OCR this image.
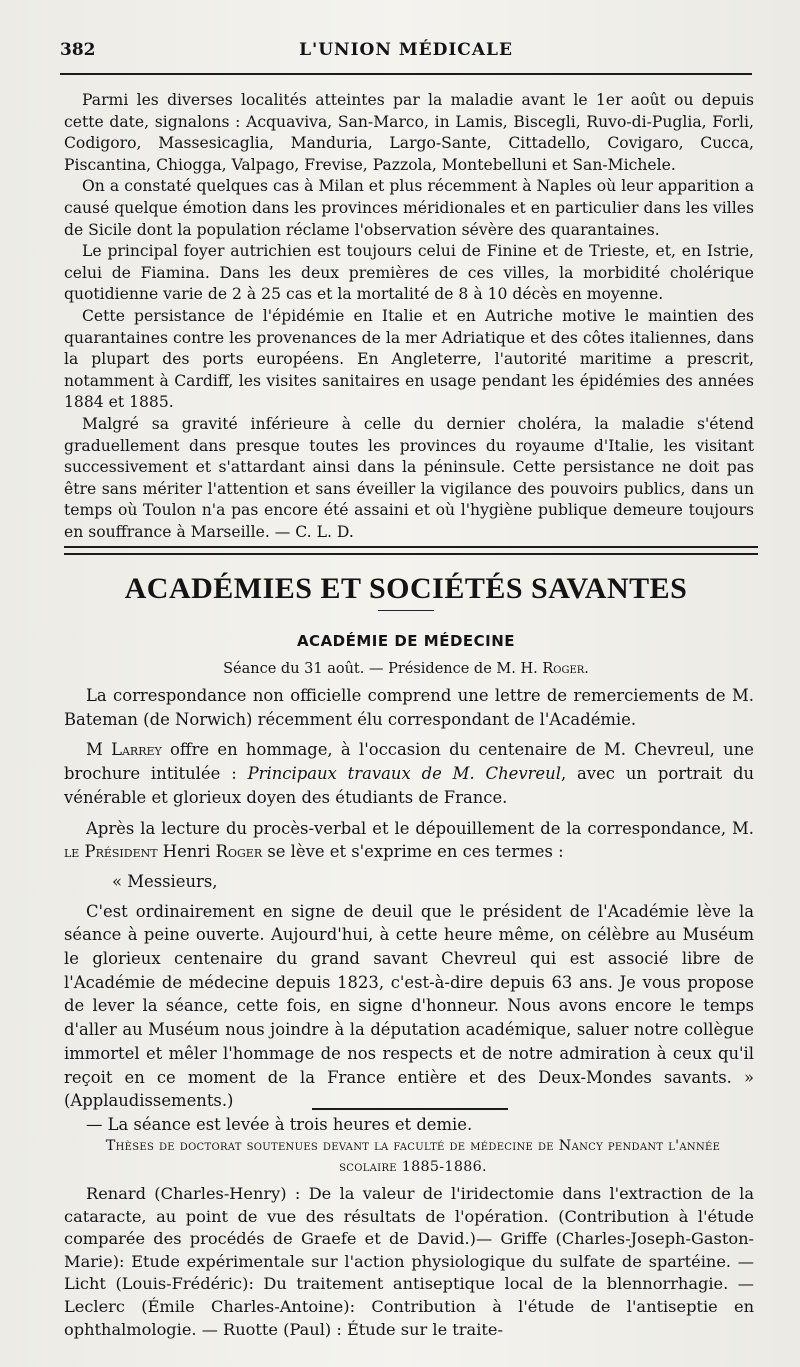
382	L'UNION MÉDICALE

Parmi les diverses localités atteintes par la maladie avant le 1er août ou depuis cette date, signalons : Acquaviva, San-Marco, in Lamis, Biscegli, Ruvo-di-Puglia, Forli, Codigoro, Massesicaglia, Manduria, Largo-Sante, Cittadello, Covigaro, Cucca, Piscantina, Chiogga, Valpago, Frevise, Pazzola, Montebelluni et San-Michele.

On a constaté quelques cas à Milan et plus récemment à Naples où leur apparition a causé quelque émotion dans les provinces méridionales et en particulier dans les villes de Sicile dont la population réclame l'observation sévère des quarantaines.

Le principal foyer autrichien est toujours celui de Finine et de Trieste, et, en Istrie, celui de Fiamina. Dans les deux premières de ces villes, la morbidité cholérique quotidienne varie de 2 à 25 cas et la mortalité de 8 à 10 décès en moyenne.

Cette persistance de l'épidémie en Italie et en Autriche motive le maintien des quarantaines contre les provenances de la mer Adriatique et des côtes italiennes, dans la plupart des ports européens. En Angleterre, l'autorité maritime a prescrit, notamment à Cardiff, les visites sanitaires en usage pendant les épidémies des années 1884 et 1885.

Malgré sa gravité inférieure à celle du dernier choléra, la maladie s'étend graduellement dans presque toutes les provinces du royaume d'Italie, les visitant successivement et s'attardant ainsi dans la péninsule. Cette persistance ne doit pas être sans mériter l'attention et sans éveiller la vigilance des pouvoirs publics, dans un temps où Toulon n'a pas encore été assaini et où l'hygiène publique demeure toujours en souffrance à Marseille. — C. L. D.

ACADÉMIES ET SOCIÉTÉS SAVANTES
ACADÉMIE DE MÉDECINE
Séance du 31 août. — Présidence de M. H. Roger.

La correspondance non officielle comprend une lettre de remerciements de M. Bateman (de Norwich) récemment élu correspondant de l'Académie.

M Larrey offre en hommage, à l'occasion du centenaire de M. Chevreul, une brochure intitulée : Principaux travaux de M. Chevreul, avec un portrait du vénérable et glorieux doyen des étudiants de France.

Après la lecture du procès-verbal et le dépouillement de la correspondance, M. le Président Henri Roger se lève et s'exprime en ces termes :

« Messieurs,

C'est ordinairement en signe de deuil que le président de l'Académie lève la séance à peine ouverte. Aujourd'hui, à cette heure même, on célèbre au Muséum le glorieux centenaire du grand savant Chevreul qui est associé libre de l'Académie de médecine depuis 1823, c'est-à-dire depuis 63 ans. Je vous propose de lever la séance, cette fois, en signe d'honneur. Nous avons encore le temps d'aller au Muséum nous joindre à la députation académique, saluer notre collègue immortel et mêler l'hommage de nos respects et de notre admiration à ceux qu'il reçoit en ce moment de la France entière et des Deux-Mondes savants. » (Applaudissements.)

— La séance est levée à trois heures et demie.

Thèses de doctorat soutenues devant la faculté de médecine de Nancy pendant l'année
scolaire 1885-1886.

Renard (Charles-Henry) : De la valeur de l'iridectomie dans l'extraction de la cataracte, au point de vue des résultats de l'opération. (Contribution à l'étude comparée des procédés de Graefe et de David.)— Griffe (Charles-Joseph-Gaston-Marie): Etude expérimentale sur l'action physiologique du sulfate de spartéine. — Licht (Louis-Frédéric): Du traitement antiseptique local de la blennorrhagie. — Leclerc (Émile Charles-Antoine): Contribution à l'étude de l'antiseptie en ophthalmologie. — Ruotte (Paul) : Étude sur le traite-
